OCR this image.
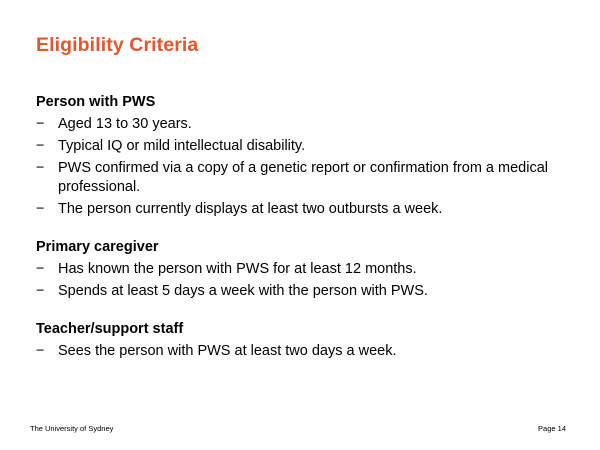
Eligibility Criteria
Person with PWS
− Aged 13 to 30 years.
− Typical IQ or mild intellectual disability.
− PWS confirmed via a copy of a genetic report or confirmation from a medical professional.
− The person currently displays at least two outbursts a week.
Primary caregiver
− Has known the person with PWS for at least 12 months.
− Spends at least 5 days a week with the person with PWS.
Teacher/support staff
− Sees the person with PWS at least two days a week.
The University of Sydney	Page 14
